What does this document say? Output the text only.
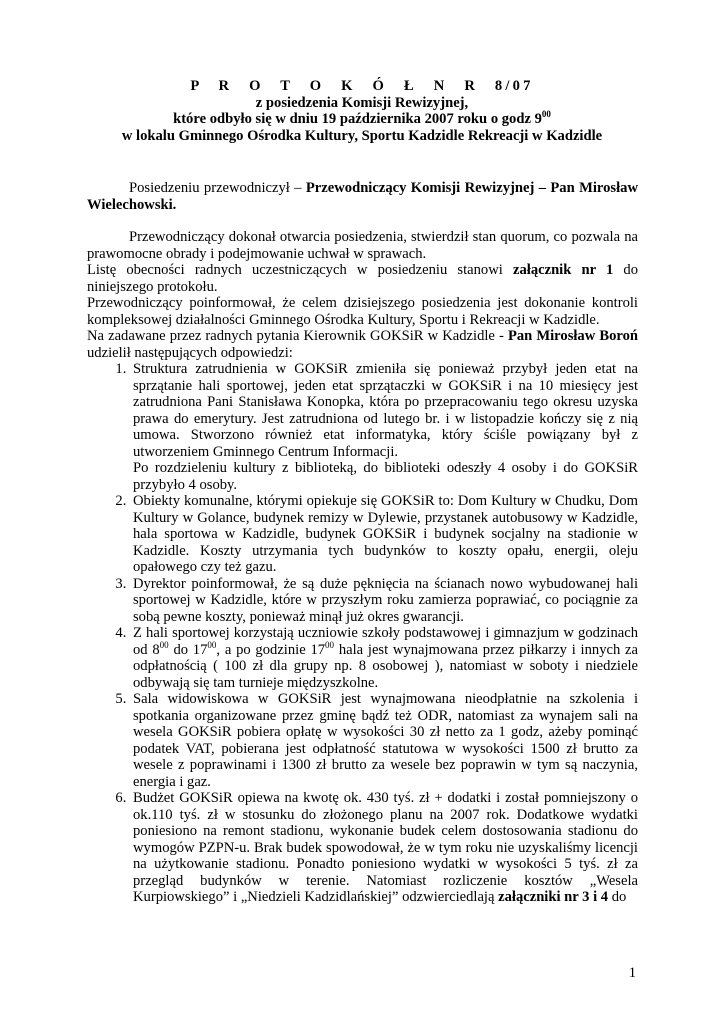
P R O T O K Ó Ł N R 8/07
z posiedzenia Komisji Rewizyjnej,
które odbyło się w dniu 19 października 2007 roku o godz $9^{00}$
w lokalu Gminnego Ośrodka Kultury, Sportu Kadzidle Rekreacji w Kadzidle

Posiedzeniu przewodniczył – Przewodniczący Komisji Rewizyjnej – Pan Mirosław Wielechowski.

Przewodniczący dokonał otwarcia posiedzenia, stwierdził stan quorum, co pozwala na prawomocne obrady i podejmowanie uchwał w sprawach.

Listę obecności radnych uczestniczących w posiedzeniu stanowi załącznik nr 1 do niniejszego protokołu.

Przewodniczący poinformował, że celem dzisiejszego posiedzenia jest dokonanie kontroli kompleksowej działalności Gminnego Ośrodka Kultury, Sportu i Rekreacji w Kadzidle.

Na zadawane przez radnych pytania Kierownik GOKSiR w Kadzidle - Pan Mirosław Boroń udzielił następujących odpowiedzi:

1. Struktura zatrudnienia w GOKSiR zmieniła się ponieważ przybył jeden etat na sprzątanie hali sportowej, jeden etat sprzątaczki w GOKSiR i na 10 miesięcy jest zatrudniona Pani Stanisława Konopka, która po przepracowaniu tego okresu uzyska prawa do emerytury. Jest zatrudniona od lutego br. i w listopadzie kończy się z nią umowa. Stworzono również etat informatyka, który ściśle powiązany był z utworzeniem Gminnego Centrum Informacji.
Po rozdzieleniu kultury z biblioteką, do biblioteki odeszły 4 osoby i do GOKSiR przybyło 4 osoby.
2. Obiekty komunalne, którymi opiekuje się GOKSiR to: Dom Kultury w Chudku, Dom Kultury w Golance, budynek remizy w Dylewie, przystanek autobusowy w Kadzidle, hala sportowa w Kadzidle, budynek GOKSiR i budynek socjalny na stadionie w Kadzidle. Koszty utrzymania tych budynków to koszty opału, energii, oleju opałowego czy też gazu.
3. Dyrektor poinformował, że są duże pęknięcia na ścianach nowo wybudowanej hali sportowej w Kadzidle, które w przyszłym roku zamierza poprawiać, co pociągnie za sobą pewne koszty, ponieważ minął już okres gwarancji.
4. Z hali sportowej korzystają uczniowie szkoły podstawowej i gimnazjum w godzinach od $8^{00}$ do $17^{00}$, a po godzinie $17^{00}$ hala jest wynajmowana przez piłkarzy i innych za odpłatnością ( 100 zł dla grupy np. 8 osobowej ), natomiast w soboty i niedziele odbywają się tam turnieje międzyszkolne.
5. Sala widowiskowa w GOKSiR jest wynajmowana nieodpłatnie na szkolenia i spotkania organizowane przez gminę bądź też ODR, natomiast za wynajem sali na wesela GOKSiR pobiera opłatę w wysokości 30 zł netto za 1 godz, ażeby pominąć podatek VAT, pobierana jest odpłatność statutowa w wysokości 1500 zł brutto za wesele z poprawinami i 1300 zł brutto za wesele bez poprawin w tym są naczynia, energia i gaz.
6. Budżet GOKSiR opiewa na kwotę ok. 430 tyś. zł + dodatki i został pomniejszony o ok.110 tyś. zł w stosunku do złożonego planu na 2007 rok. Dodatkowe wydatki poniesiono na remont stadionu, wykonanie budek celem dostosowania stadionu do wymogów PZPN-u. Brak budek spowodował, że w tym roku nie uzyskaliśmy licencji na użytkowanie stadionu. Ponadto poniesiono wydatki w wysokości 5 tyś. zł za przegląd budynków w terenie. Natomiast rozliczenie kosztów „Wesela Kurpiowskiego” i „Niedzieli Kadzidlańskiej” odzwierciedlają załączniki nr 3 i 4 do
1
